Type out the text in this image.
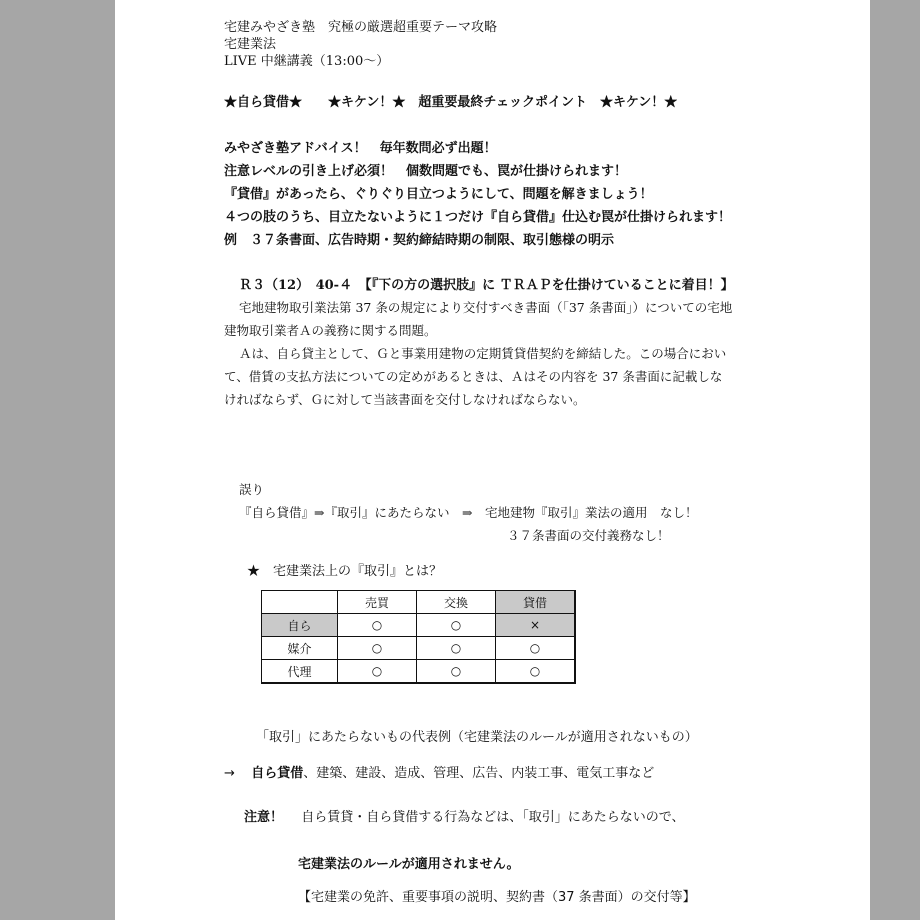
宅建みやざき塾　究極の厳選超重要テーマ攻略
宅建業法
LIVE 中継講義（13:00〜）
★自ら貸借★　　★キケン！★　超重要最終チェックポイント　★キケン！★
みやざき塾アドバイス！　毎年数問必ず出題！
注意レベルの引き上げ必須！　個数問題でも、罠が仕掛けられます！
『貸借』があったら、ぐりぐり目立つようにして、問題を解きましょう！
４つの肢のうち、目立たないように１つだけ『自ら貸借』仕込む罠が仕掛けられます！
例　３７条書面、広告時期・契約締結時期の制限、取引態様の明示
Ｒ３（12）　40-４　【『下の方の選択肢』に ＴＲＡＰを仕掛けていることに着目！】
宅地建物取引業法第 37 条の規定により交付すべき書面（「37 条書面」）についての宅地
建物取引業者Ａの義務に関する問題。
Ａは、自ら貸主として、Ｇと事業用建物の定期賃貸借契約を締結した。この場合におい
て、借賃の支払方法についての定めがあるときは、Ａはその内容を 37 条書面に記載しな
ければならず、Ｇに対して当該書面を交付しなければならない。
誤り
『自ら貸借』⇒『取引』にあたらない　⇒　宅地建物『取引』業法の適用　なし！
３７条書面の交付義務なし！
★　宅建業法上の『取引』とは？
	売買	交換	貸借
自ら	○	○	×
媒介	○	○	○
代理	○	○	○
「取引」にあたらないもの代表例（宅建業法のルールが適用されないもの）
→ 自ら貸借、建築、建設、造成、管理、広告、内装工事、電気工事など
注意！ 自ら賃貸・自ら貸借する行為などは、「取引」にあたらないので、
宅建業法のルールが適用されません。
【宅建業の免許、重要事項の説明、契約書（37 条書面）の交付等】
